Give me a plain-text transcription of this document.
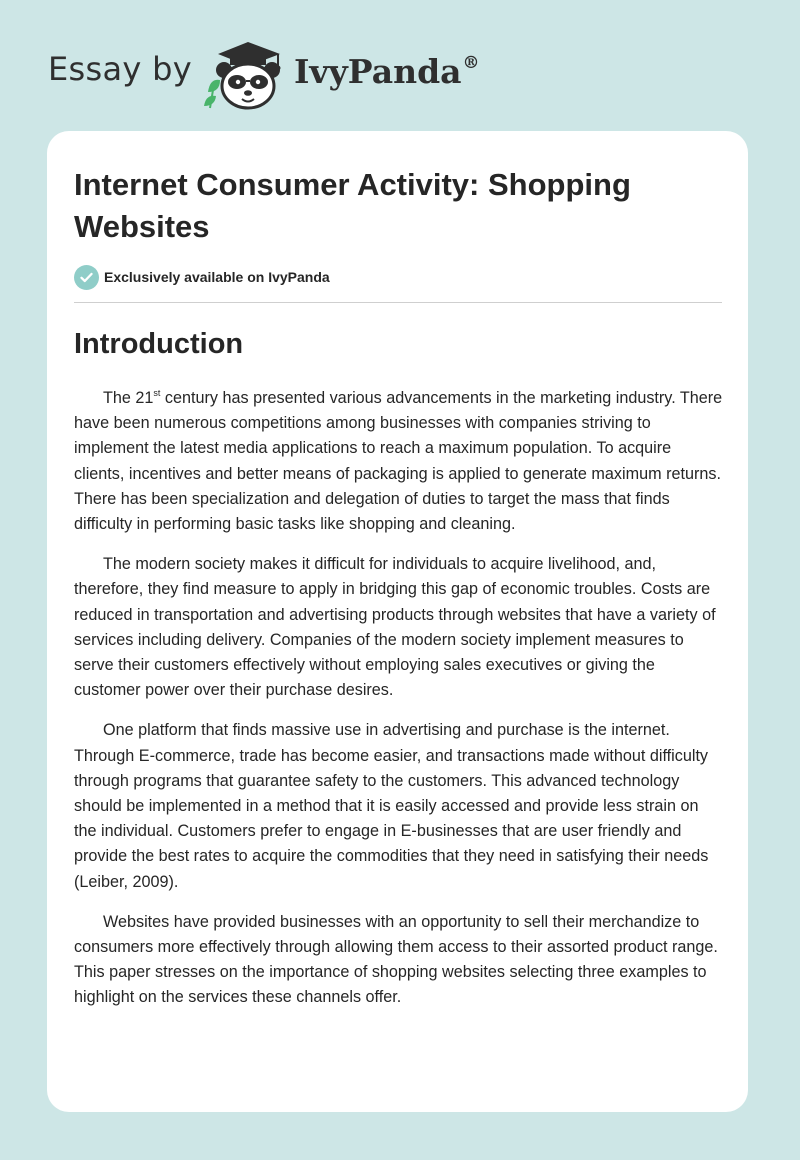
Essay by	IvyPanda®
Internet Consumer Activity: Shopping Websites
Exclusively available on IvyPanda
Introduction

The 21st century has presented various advancements in the marketing industry. There have been numerous competitions among businesses with companies striving to implement the latest media applications to reach a maximum population. To acquire clients, incentives and better means of packaging is applied to generate maximum returns. There has been specialization and delegation of duties to target the mass that finds difficulty in performing basic tasks like shopping and cleaning.

The modern society makes it difficult for individuals to acquire livelihood, and, therefore, they find measure to apply in bridging this gap of economic troubles. Costs are reduced in transportation and advertising products through websites that have a variety of services including delivery. Companies of the modern society implement measures to serve their customers effectively without employing sales executives or giving the customer power over their purchase desires.

One platform that finds massive use in advertising and purchase is the internet. Through E-commerce, trade has become easier, and transactions made without difficulty through programs that guarantee safety to the customers. This advanced technology should be implemented in a method that it is easily accessed and provide less strain on the individual. Customers prefer to engage in E-businesses that are user friendly and provide the best rates to acquire the commodities that they need in satisfying their needs (Leiber, 2009).

Websites have provided businesses with an opportunity to sell their merchandize to consumers more effectively through allowing them access to their assorted product range. This paper stresses on the importance of shopping websites selecting three examples to highlight on the services these channels offer.
